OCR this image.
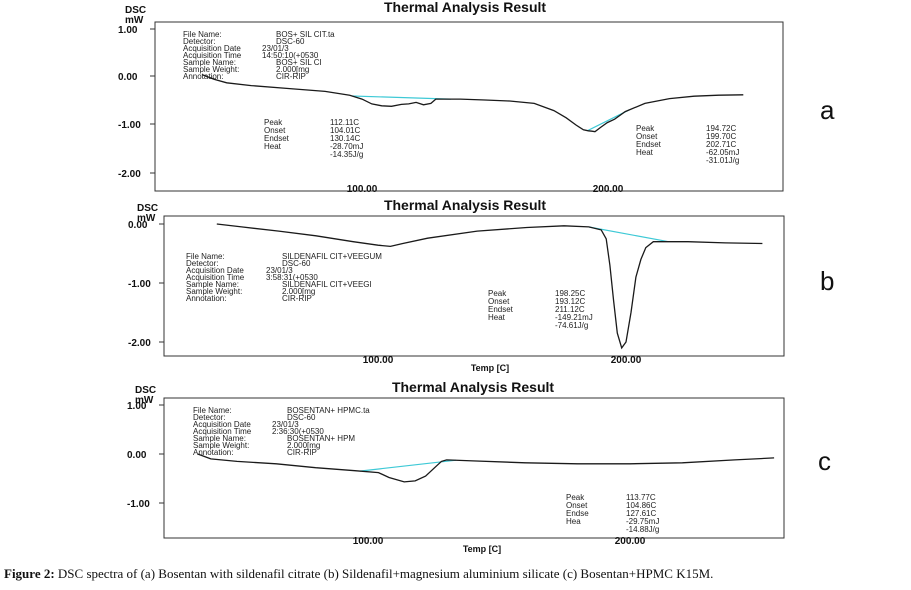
Thermal Analysis Result
DSC
mW
1.00
0.00
-1.00
-2.00
100.00	200.00
File Name:	BOS+ SIL CIT.ta
Detector:	DSC-60
Acquisition Date	23/01/3
Acquisition Time	14:50:10(+0530
Sample Name:	BOS+ SIL CI
Sample Weight:	2.000[mg
Annotation:	CIR-RIP
Peak	112.11C
Onset	104.01C
Endset	130.14C
Heat	-28.70mJ
-14.35J/g
Peak	194.72C
Onset	199.70C
Endset	202.71C
Heat	-62.05mJ
-31.01J/g
a
Thermal Analysis Result
DSC
mW
0.00
-1.00
-2.00
100.00	200.00
Temp [C]
File Name:	SILDENAFIL CIT+VEEGUM
Detector:	DSC-60
Acquisition Date	23/01/3
Acquisition Time	3:58:31(+0530
Sample Name:	SILDENAFIL CIT+VEEGI
Sample Weight:	2.000[mg
Annotation:	CIR-RIP
Peak	198.25C
Onset	193.12C
Endset	211.12C
Heat	-149.21mJ
-74.61J/g
b
Thermal Analysis Result
DSC
mW
1.00
0.00
-1.00
100.00	200.00
Temp [C]
File Name:	BOSENTAN+ HPMC.ta
Detector:	DSC-60
Acquisition Date	23/01/3
Acquisition Time	2:36:30(+0530
Sample Name:	BOSENTAN+ HPM
Sample Weight:	2.000[mg
Annotation:	CIR-RIP
Peak	113.77C
Onset	104.86C
Endse	127.61C
Hea	-29.75mJ
-14.88J/g
c
Figure 2: DSC spectra of (a) Bosentan with sildenafil citrate (b) Sildenafil+magnesium aluminium silicate (c) Bosentan+HPMC K15M.
